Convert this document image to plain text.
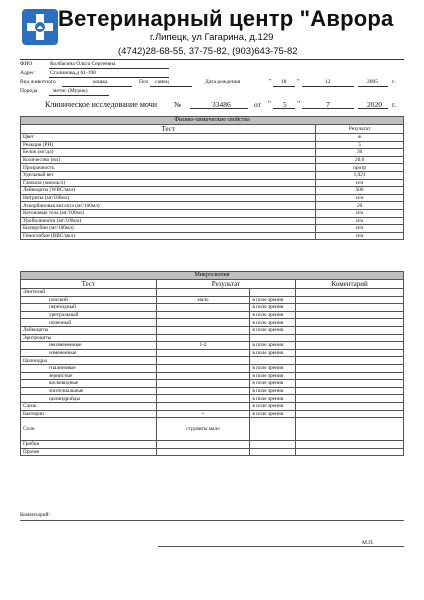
Ветеринарный центр "Аврора
г.Липецк, ул Гагарина, д.129
(4742)28-68-55, 37-75-82, (903)643-75-82
ФИО	Колбасина Ольга Сергеевна
Адрес	Сталинова,д 61-190
Вид животного	кошка	Пол самец	Дата рождения	" 18 "	12	2005	г.
Порода	метис (Мурик)
Клиническое исследование мочи №	33486	от " 5 "	7	2020 г.
Физико-химические свойства	
Тест	Результат
Цвет	ж
Реакция (PH)	5
Белок (мг/дл)	30
Количество (мл)	20,0
Прозрачность	прозр
Удельный вес	1,021
Глюкоза (ммоль/л)	н/н
Лейкоциты (WBC/мкл)	500
Нитриты (мг/100мл)	н/н
Аскорбиновая кислота (мг/100мл)	20
Кетоновые тела (мг/100мл)	н/н
Уробилиноген (мг/100мл)	н/н
Билирубин (мг/100мл)	н/н
Гемоглобин (BBC/мкл)	н/н
Микроскопия			
Тест	Результат		Коментарий
Эпителий			
плоский	мало	в поле зрения	
переходный		в поле зрения	
уретральный		в поле зрения	
почечный		в поле зрения	
Лейкоциты		в поле зрения	
Эритроциты			
неизмененные	1-2	в поле зрения	
измененные		в поле зрения	
Цилиндры			
гиалиновые		в поле зрения	
зернистые		в поле зрения	
восковидные		в поле зрения	
эпителиальные		в поле зрения	
цилиндройды		в поле зрения	
Слизь		в поле зрения	
Бактерии	+	в поле зрения	
Соли	струвиты мало		
Грибки			
Прочее			
Коментарий:
М.П.
